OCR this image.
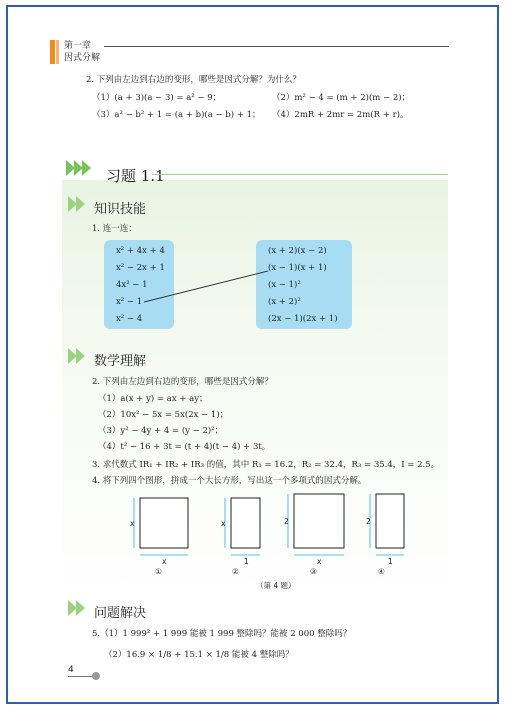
第一章
因式分解
2. 下列由左边到右边的变形，哪些是因式分解？为什么？
（1）(a + 3)(a − 3) = a² − 9；	（2）m² − 4 = (m + 2)(m − 2)；
（3）a² − b² + 1 = (a + b)(a − b) + 1； （4）2mR + 2mr = 2m(R + r)。
习题 1.1
知识技能
1. 连一连：
x² + 4x + 4
x² − 2x + 1
4x² − 1
x² − 1
x² − 4
(x + 2)(x − 2)
(x − 1)(x + 1)
(x − 1)²
(x + 2)²
(2x − 1)(2x + 1)
数学理解
2. 下列由左边到右边的变形，哪些是因式分解？
（1）a(x + y) = ax + ay；
（2）10x² − 5x = 5x(2x − 1)；
（3）y² − 4y + 4 = (y − 2)²；
（4）t² − 16 + 3t = (t + 4)(t − 4) + 3t。
3. 求代数式 IR₁ + IR₂ + IR₃ 的值，其中 R₁ = 16.2，R₂ = 32.4，R₃ = 35.4，I = 2.5。
4. 将下列四个图形，拼成一个大长方形，写出这一个多项式的因式分解。
x
x
①
x
1
②
2
x
③
2
1
④
（第 4 题）
问题解决
5.（1）1 999² + 1 999 能被 1 999 整除吗？能被 2 000 整除吗？
（2）16.9 × 1/8 + 15.1 × 1/8 能被 4 整除吗？
4
